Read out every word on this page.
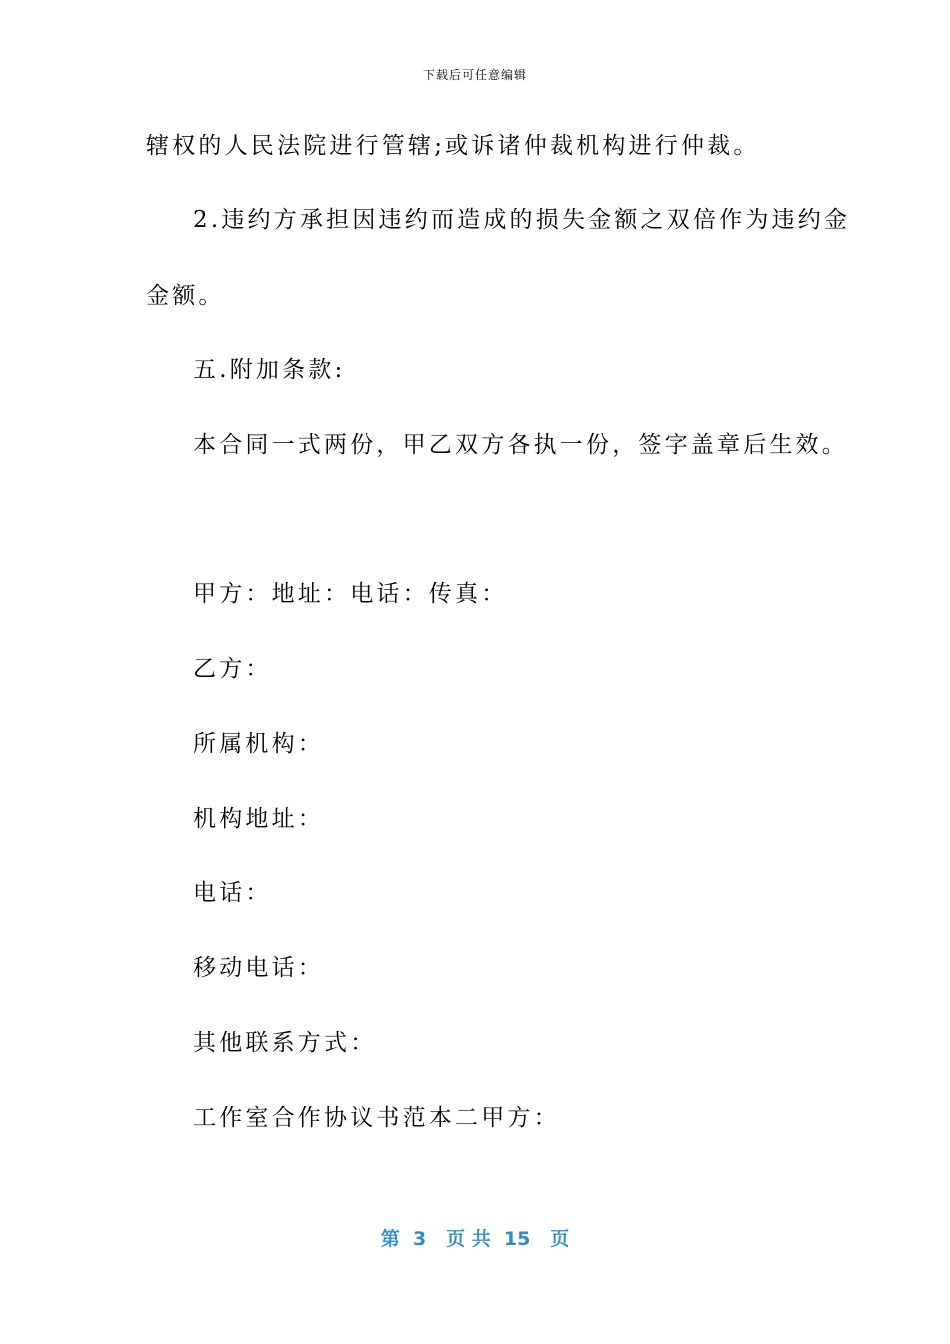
下载后可任意编辑
辖权的人民法院进行管辖;或诉诸仲裁机构进行仲裁。
2.违约方承担因违约而造成的损失金额之双倍作为违约金
金额。
五.附加条款:
本合同一式两份，甲乙双方各执一份，签字盖章后生效。
甲方：地址：电话：传真：
乙方：
所属机构：
机构地址：
电话：
移动电话：
其他联系方式：
工作室合作协议书范本二甲方：
第  3   页 共  15   页
